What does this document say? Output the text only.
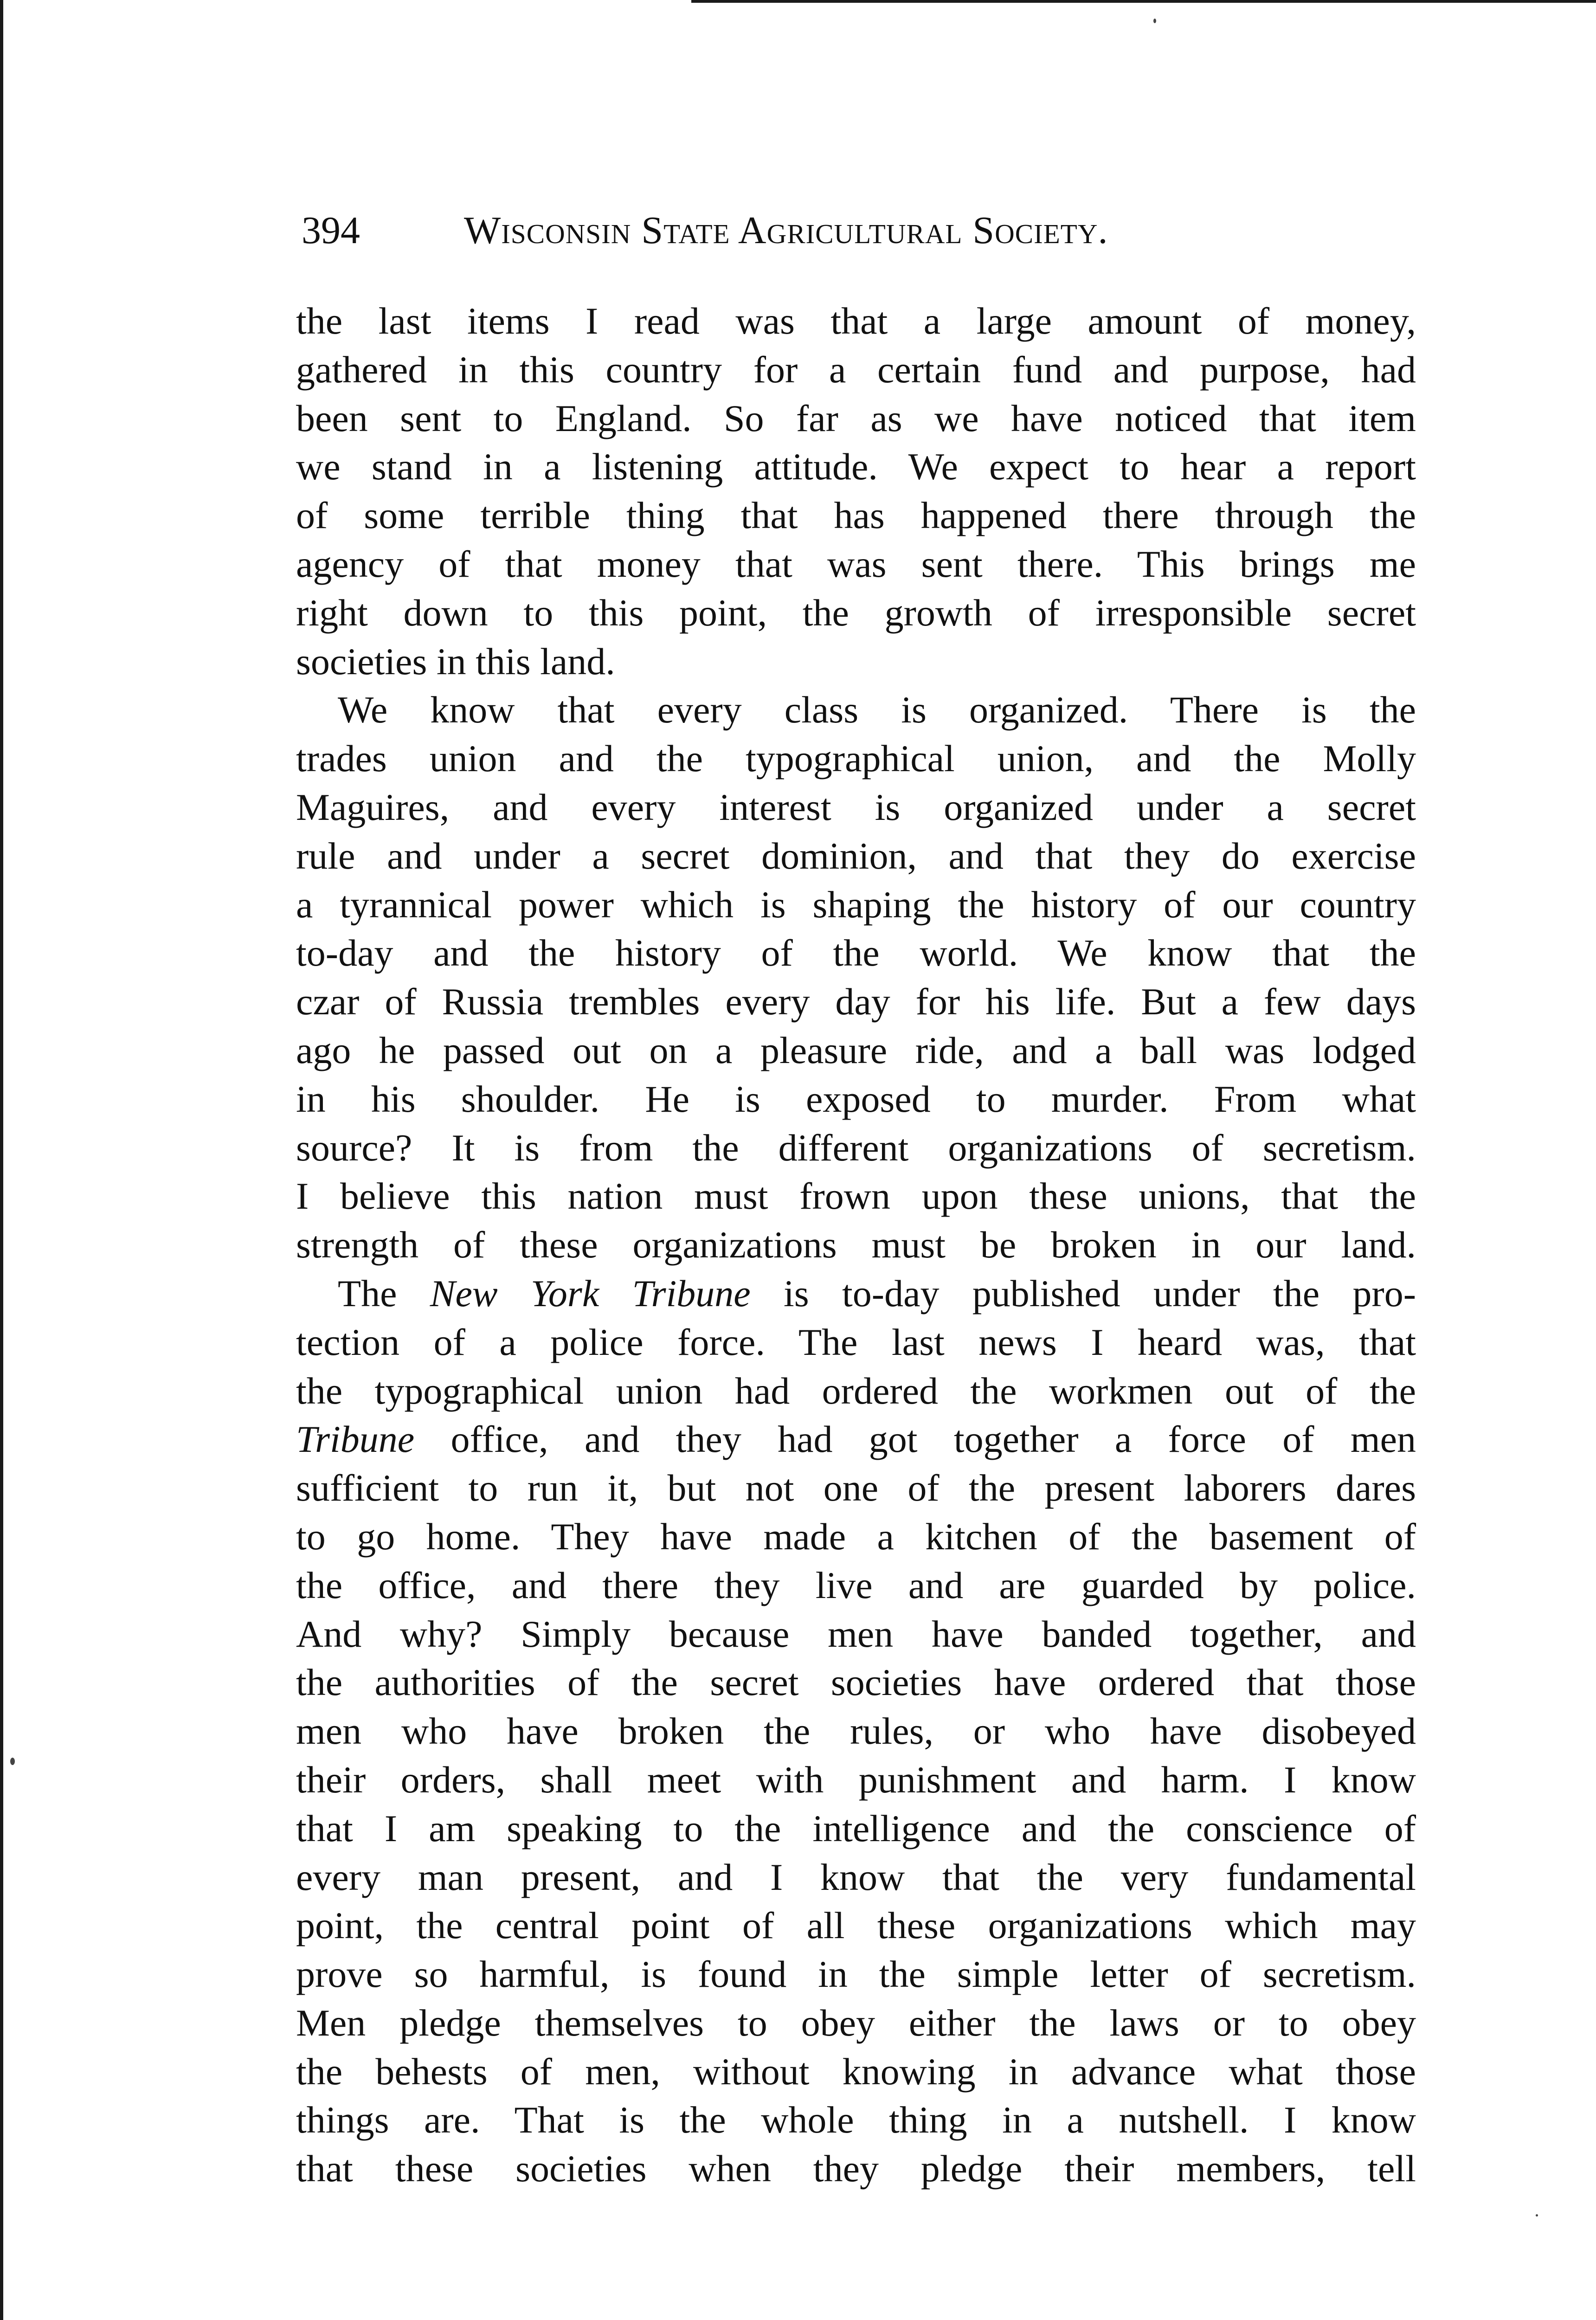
394	Wisconsin State Agricultural Society.
the last items I read was that a large amount of money,
gathered in this country for a certain fund and purpose, had
been sent to England. So far as we have noticed that item
we stand in a listening attitude. We expect to hear a report
of some terrible thing that has happened there through the
agency of that money that was sent there. This brings me
right down to this point, the growth of irresponsible secret
societies in this land.
We know that every class is organized. There is the
trades union and the typographical union, and the Molly
Maguires, and every interest is organized under a secret
rule and under a secret dominion, and that they do exercise
a tyrannical power which is shaping the history of our country
to-day and the history of the world. We know that the
czar of Russia trembles every day for his life. But a few days
ago he passed out on a pleasure ride, and a ball was lodged
in his shoulder. He is exposed to murder. From what
source? It is from the different organizations of secretism.
I believe this nation must frown upon these unions, that the
strength of these organizations must be broken in our land.
The New York Tribune is to-day published under the pro-
tection of a police force. The last news I heard was, that
the typographical union had ordered the workmen out of the
Tribune office, and they had got together a force of men
sufficient to run it, but not one of the present laborers dares
to go home. They have made a kitchen of the basement of
the office, and there they live and are guarded by police.
And why? Simply because men have banded together, and
the authorities of the secret societies have ordered that those
men who have broken the rules, or who have disobeyed
their orders, shall meet with punishment and harm. I know
that I am speaking to the intelligence and the conscience of
every man present, and I know that the very fundamental
point, the central point of all these organizations which may
prove so harmful, is found in the simple letter of secretism.
Men pledge themselves to obey either the laws or to obey
the behests of men, without knowing in advance what those
things are. That is the whole thing in a nutshell. I know
that these societies when they pledge their members, tell
